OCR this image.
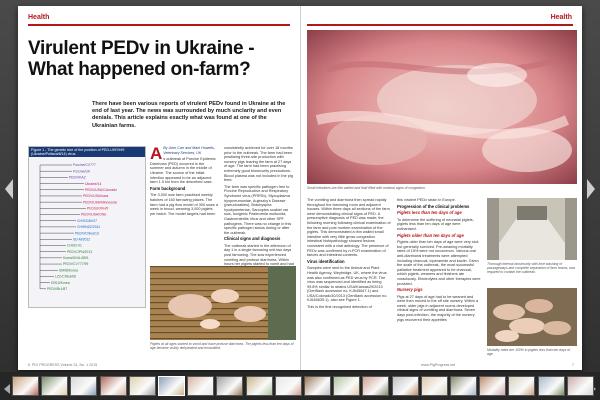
Health
Virulent PEDv in Ukraine - What happened on-farm?
There have been various reports of virulent PEDv found in Ukraine at the end of last year. The news was surrounded by much unclarity and even denials. This article explains exactly what was found at one of the Ukrainian farms.
Figure 1 - The genetic tree of the position of PED-UKR/H/9 (Ukraine/Poltava/8/14) virus.
Porcine/CV777
Porcine/UK
PEDV/KAZ
Ukraine/14
PEDV/USA/Colorado
PEDV/USA/Iowa
PEDV/USA/Minnesota
PED/UKR/H/9
PEDV/USA/Ohio
CH/GSJIII/07
CH/HNZZ/2011
PEDV/China/13
SD-M/2012
CHGD-01
PEDV/JPN/2013
Korea/KNU-0801
PEDV/CV777/99
SM98/Korea
LZC/China/06
DR13/Korea
PEDV/Br1/87

A By John Carr and Mark Howells, Veterinary Services, UK

s outbreak of Porcine Epidemic Diarrhoea (PED) occurred in the summer and autumn in the middle of Ukraine. The source of the initial infection appeared to be an adjacent farm 1.5 km from the described case.

Farm background

The 3,000 sow farm practised weekly batches of 160 farrowing places. The farm had a pig flow model of 300 sows a week in brood, weaning 3,000 piglets per batch. The model targets had been

consistently achieved for over 18 months prior to the outbreak. The farm had been practising three-site production with nursery pigs leaving the farm at 27 days of age. The farm had been practising extremely good biosecurity precautions. Blood plasma was not included in the pig feed.

The farm was specific pathogen free to Porcine Reproductive and Respiratory Syndrome virus (PRRSv), Mycoplasma hyopneumoniae, Aujeszky's Disease (pseudorabies), Brachyspira hyodysenteriae, Sarcoptes scabiei var suis, toxigenic Pasteurella multocida, Gastroenteritis Virus and other SPF pathogens. There was no change in this specific pathogen status during or after the outbreak.

Clinical signs and diagnosis

The outbreak started in the afternoon of day 1 in a single farrowing unit two days post farrowing. The sow experienced vomiting and profuse diarrhoea. Within hours her piglets started to vomit and had

Piglets at all ages started to vomit and have profuse diarrhoea. The piglets less than ten days of age became visibly dehydrated and emaciated.
6 PIG PROGRESS Volume 31, No. 1 2015
Health
Small intestines are thin walled and fluid filled with minimal signs of congestion.

The vomiting and diarrhoea then spread rapidly throughout the farrowing room and adjacent houses. Within three days all sections of the farm were demonstrating clinical signs of PED. A presumptive diagnosis of PED was made; the following morning following clinical examination of the farm and post mortem examination of the piglets. This demonstrated a thin walled small intestine with very little gross congestion. Intestinal histopathology showed lesions consistent with a viral aetiology. The presence of PEDv was confirmed by rt-PCR examination of faeces and intestinal contents.

Virus identification

Samples were sent to the Animal and Plant Health Agency, Weybridge, UK, where the virus was also confirmed as PED virus by PCR. The virus was sequenced and identified as being 99.8% similar to strains USA/Kansas29/2013 (GenBank accession no. KJ645647.1) and USA/Colorado30/2013 (GenBank accession no. KJ645635.1), also see Figure 1.

This is the first recognised detection of

this virulent PEDv strain in Europe.

Progression of the clinical problems

Piglets less than ten days of age

To determine the suffering of neonatal piglets, piglets less than ten days of age were euthanised.

Piglets older than ten days of age

Piglets older than ten days of age were very sick but generally survived. Pre-weaning mortality rates of 15% were not uncommon. Various oral anti-diarrhoeal treatments were attempted including charcoal, loperamide and kaolin. Given the scale of the outbreak, the most successful palliative treatment appeared to be charcoal, which piglets, weaners and finishers ate voraciously. Electrolytes and other therapies were provided.

Nursery pigs

Pigs at 27 days of age had to be weaned and were then moved to the off site nursery. Within a week, older pigs in adjacent rooms developed clinical signs of vomiting and diarrhoea. Seven days post-infection, the majority of the nursery pigs recovered their appetites

Thorough internal biosecurity with lime washing of passageways and complete separation of farm teams, was required to contain the outbreak.
Mortality rates are 100% in piglets less than ten days of age.
www.PigProgress.net	7
